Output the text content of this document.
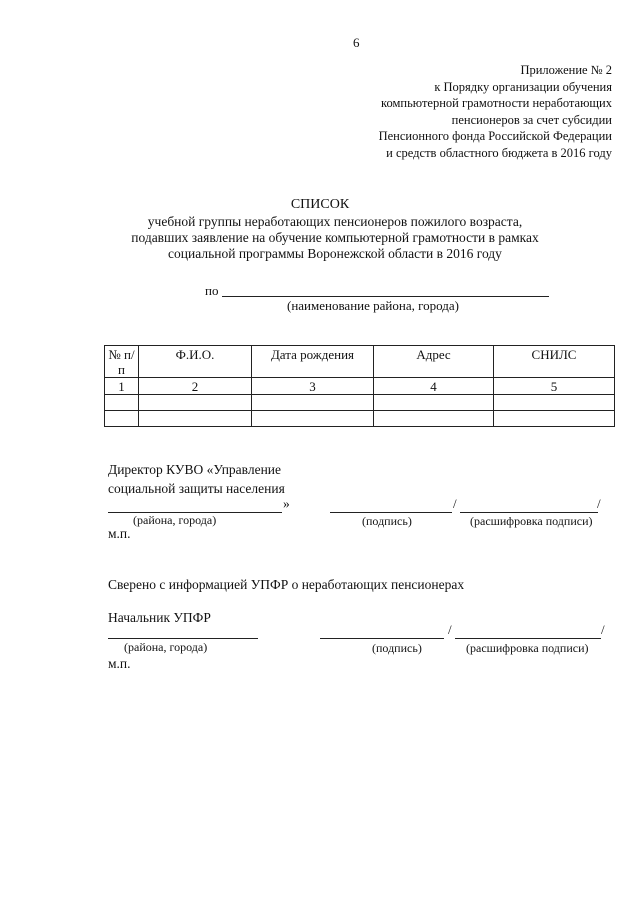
6
Приложение № 2
к Порядку организации обучения
компьютерной грамотности неработающих
пенсионеров за счет субсидии
Пенсионного фонда Российской Федерации
и средств областного бюджета в 2016 году
СПИСОК
учебной группы неработающих пенсионеров пожилого возраста, подавших заявление на обучение компьютерной грамотности в рамках социальной программы Воронежской области в 2016 году
по
(наименование района, города)
№ п/п	Ф.И.О.	Дата рождения	Адрес	СНИЛС
1	2	3	4	5

Директор КУВО «Управление
социальной защиты населения
»	/	/
(района, города)	(подпись)	(расшифровка подписи)
м.п.
Сверено с информацией УПФР о неработающих пенсионерах
Начальник УПФР
/	/
(района, города)	(подпись)	(расшифровка подписи)
м.п.
